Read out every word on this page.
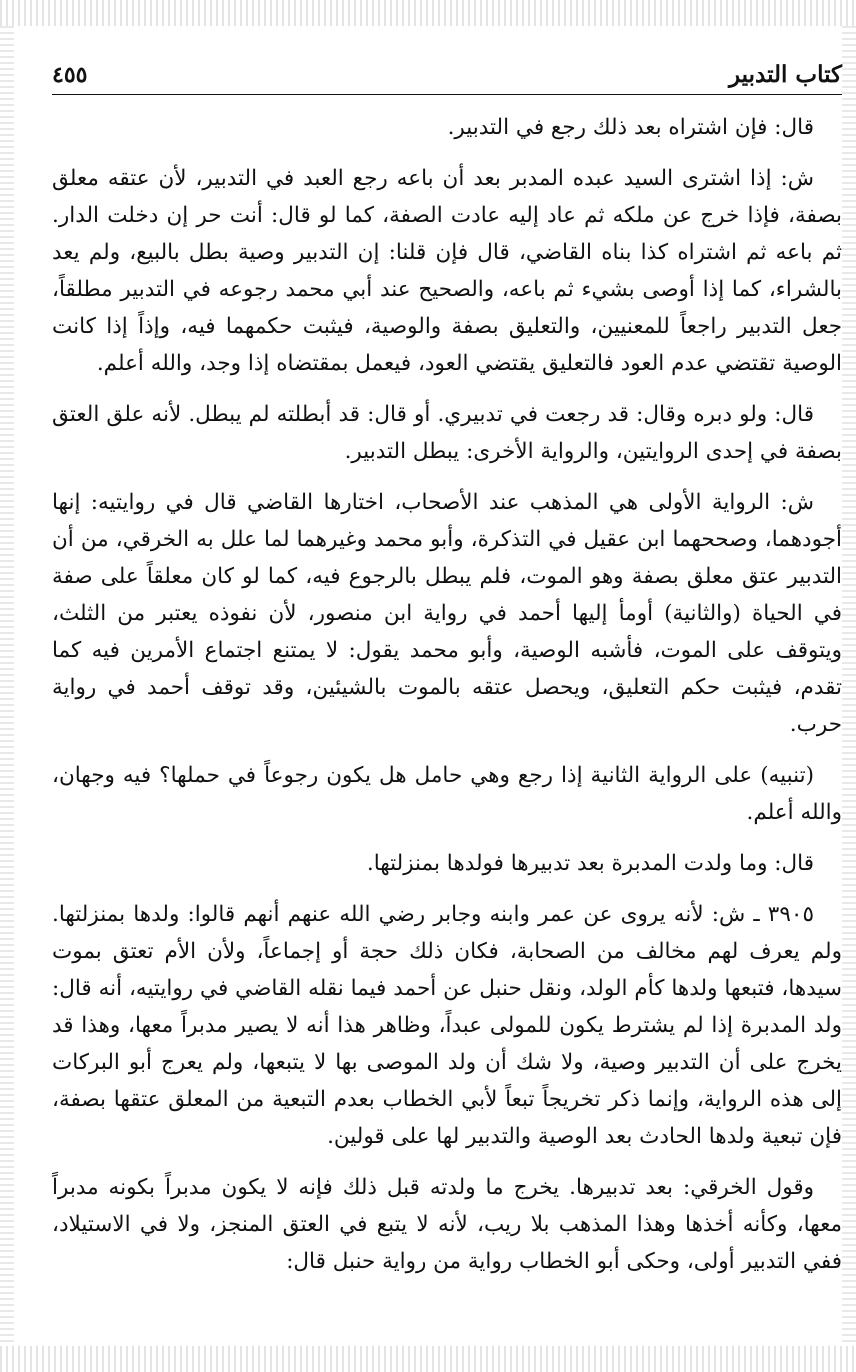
كتاب التدبير
٤٥٥

قال: فإن اشتراه بعد ذلك رجع في التدبير.

ش: إذا اشترى السيد عبده المدبر بعد أن باعه رجع العبد في التدبير، لأن عتقه معلق بصفة، فإذا خرج عن ملكه ثم عاد إليه عادت الصفة، كما لو قال: أنت حر إن دخلت الدار. ثم باعه ثم اشتراه كذا بناه القاضي، قال فإن قلنا: إن التدبير وصية بطل بالبيع، ولم يعد بالشراء، كما إذا أوصى بشيء ثم باعه، والصحيح عند أبي محمد رجوعه في التدبير مطلقاً، جعل التدبير راجعاً للمعنيين، والتعليق بصفة والوصية، فيثبت حكمهما فيه، وإذاً إذا كانت الوصية تقتضي عدم العود فالتعليق يقتضي العود، فيعمل بمقتضاه إذا وجد، والله أعلم.

قال: ولو دبره وقال: قد رجعت في تدبيري. أو قال: قد أبطلته لم يبطل. لأنه علق العتق بصفة في إحدى الروايتين، والرواية الأخرى: يبطل التدبير.

ش: الرواية الأولى هي المذهب عند الأصحاب، اختارها القاضي قال في روايتيه: إنها أجودهما، وصححهما ابن عقيل في التذكرة، وأبو محمد وغيرهما لما علل به الخرقي، من أن التدبير عتق معلق بصفة وهو الموت، فلم يبطل بالرجوع فيه، كما لو كان معلقاً على صفة في الحياة (والثانية) أومأ إليها أحمد في رواية ابن منصور، لأن نفوذه يعتبر من الثلث، ويتوقف على الموت، فأشبه الوصية، وأبو محمد يقول: لا يمتنع اجتماع الأمرين فيه كما تقدم، فيثبت حكم التعليق، ويحصل عتقه بالموت بالشيئين، وقد توقف أحمد في رواية حرب.

(تنبيه) على الرواية الثانية إذا رجع وهي حامل هل يكون رجوعاً في حملها؟ فيه وجهان، والله أعلم.

قال: وما ولدت المدبرة بعد تدبيرها فولدها بمنزلتها.

٣٩٠٥ ـ ش: لأنه يروى عن عمر وابنه وجابر رضي الله عنهم أنهم قالوا: ولدها بمنزلتها. ولم يعرف لهم مخالف من الصحابة، فكان ذلك حجة أو إجماعاً، ولأن الأم تعتق بموت سيدها، فتبعها ولدها كأم الولد، ونقل حنبل عن أحمد فيما نقله القاضي في روايتيه، أنه قال: ولد المدبرة إذا لم يشترط يكون للمولى عبداً، وظاهر هذا أنه لا يصير مدبراً معها، وهذا قد يخرج على أن التدبير وصية، ولا شك أن ولد الموصى بها لا يتبعها، ولم يعرج أبو البركات إلى هذه الرواية، وإنما ذكر تخريجاً تبعاً لأبي الخطاب بعدم التبعية من المعلق عتقها بصفة، فإن تبعية ولدها الحادث بعد الوصية والتدبير لها على قولين.

وقول الخرقي: بعد تدبيرها. يخرج ما ولدته قبل ذلك فإنه لا يكون مدبراً بكونه مدبراً معها، وكأنه أخذها وهذا المذهب بلا ريب، لأنه لا يتبع في العتق المنجز، ولا في الاستيلاد، ففي التدبير أولى، وحكى أبو الخطاب رواية من رواية حنبل قال:
